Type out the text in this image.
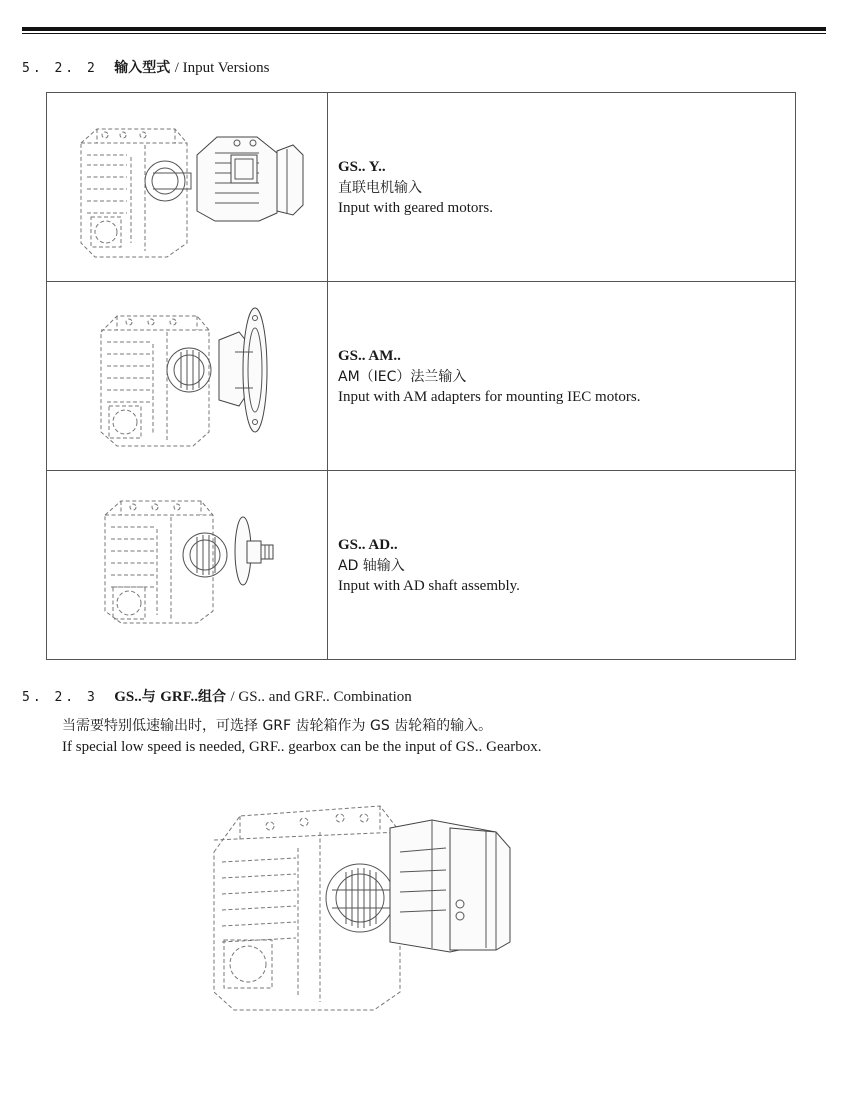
5. 2. 2 输入型式 / Input Versions

GS.. Y..
直联电机输入
Input with geared motors.

GS.. AM..
AM（IEC）法兰输入
Input with AM adapters for mounting IEC motors.

GS.. AD..
AD 轴输入
Input with AD shaft assembly.
5. 2. 3 GS..与 GRF..组合 / GS.. and GRF.. Combination
当需要特别低速输出时，可选择 GRF 齿轮箱作为 GS 齿轮箱的输入。
If special low speed is needed, GRF.. gearbox can be the input of GS.. Gearbox.
